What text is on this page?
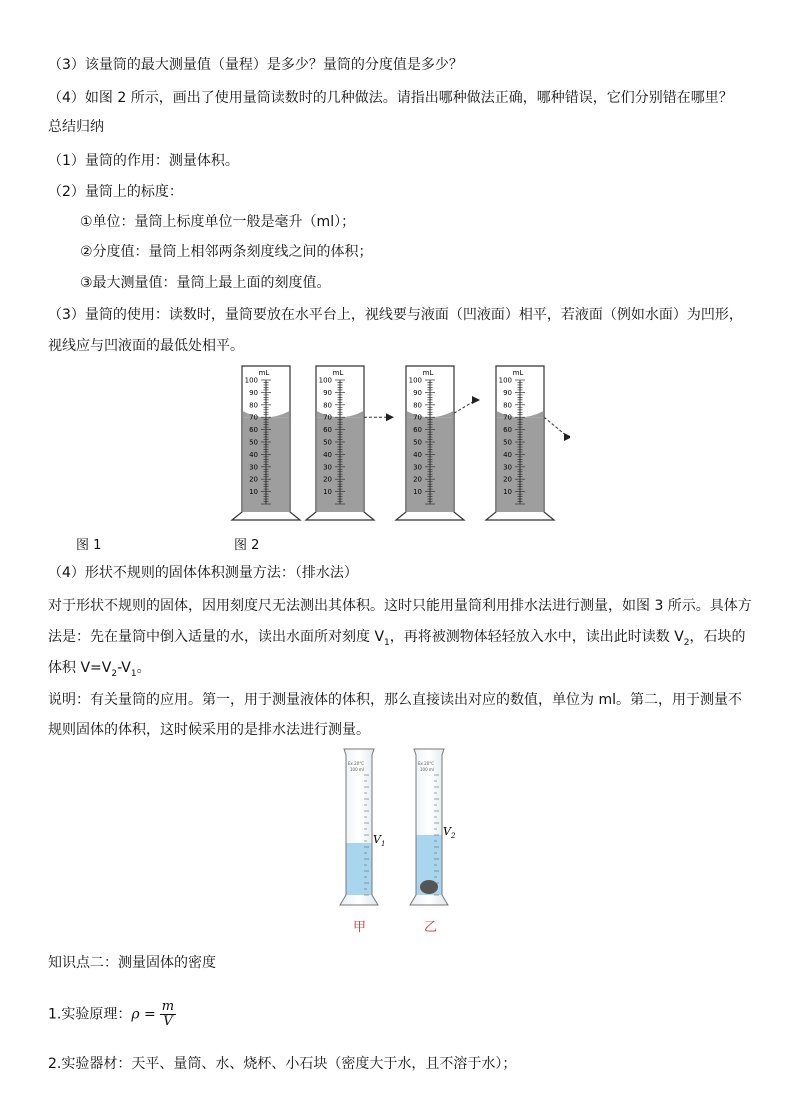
（3）该量筒的最大测量值（量程）是多少？量筒的分度值是多少？
（4）如图 2 所示，画出了使用量筒读数时的几种做法。请指出哪种做法正确，哪种错误，它们分别错在哪里？
总结归纳
（1）量筒的作用：测量体积。
（2）量筒上的标度：
①单位：量筒上标度单位一般是毫升（ml）；
②分度值：量筒上相邻两条刻度线之间的体积；
③最大测量值：量筒上最上面的刻度值。
（3）量筒的使用：读数时，量筒要放在水平台上，视线要与液面（凹液面）相平，若液面（例如水面）为凹形，
视线应与凹液面的最低处相平。
100
90
80
70
60
50
40
30
20
10
mL
100
90
80
70
60
50
40
30
20
10
mL
100
90
80
70
60
50
40
30
20
10
mL
100
90
80
70
60
50
40
30
20
10
mL
图 1	图 2
（4）形状不规则的固体体积测量方法：（排水法）
对于形状不规则的固体，因用刻度尺无法测出其体积。这时只能用量筒利用排水法进行测量，如图 3 所示。具体方
法是：先在量筒中倒入适量的水，读出水面所对刻度 $V_1$，再将被测物体轻轻放入水中，读出此时读数 $V_2$，石块的
体积 $V=V_2-V_1$。
说明：有关量筒的应用。第一，用于测量液体的体积，那么直接读出对应的数值，单位为 ml。第二，用于测量不
规则固体的体积，这时候采用的是排水法进行测量。
Ex 20°C
100 ml
$V_1$
Ex 20°C
100 ml
$V_2$
甲	乙
知识点二：测量固体的密度
1.实验原理：$\rho = \frac{m}{V}$
2.实验器材：天平、量筒、水、烧杯、小石块（密度大于水，且不溶于水）；
